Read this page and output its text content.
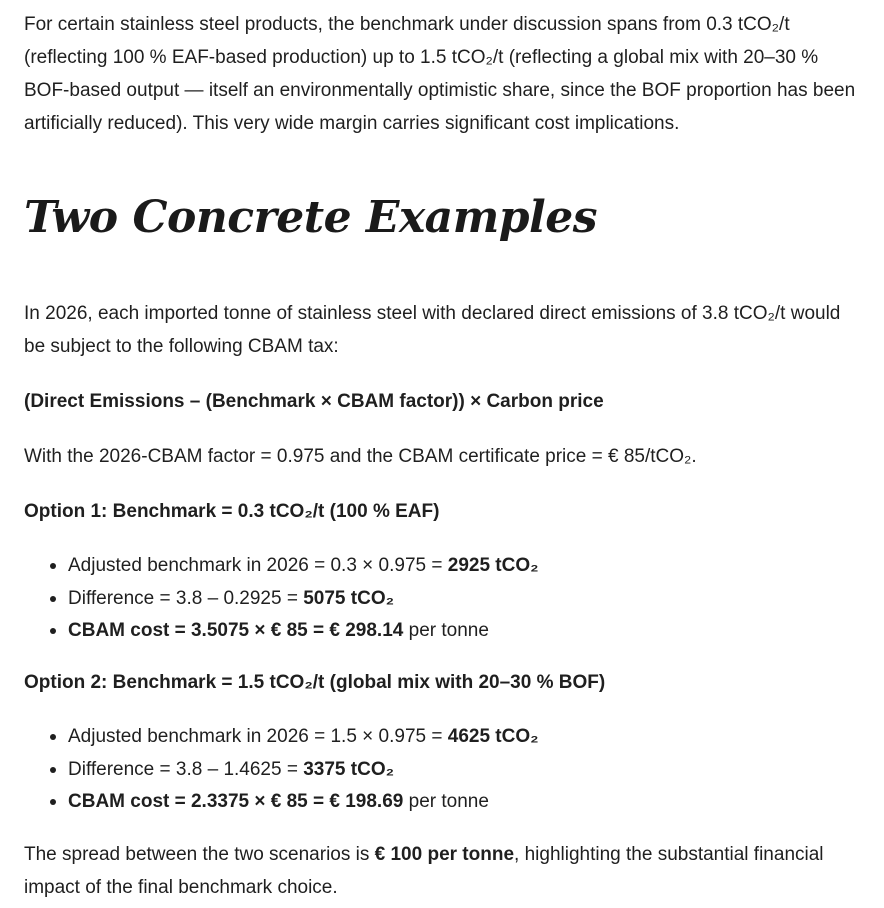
For certain stainless steel products, the benchmark under discussion spans from 0.3 tCO₂/t (reflecting 100 % EAF-based production) up to 1.5 tCO₂/t (reflecting a global mix with 20–30 % BOF-based output — itself an environmentally optimistic share, since the BOF proportion has been artificially reduced). This very wide margin carries significant cost implications.

Two Concrete Examples

In 2026, each imported tonne of stainless steel with declared direct emissions of 3.8 tCO₂/t would be subject to the following CBAM tax:

(Direct Emissions – (Benchmark × CBAM factor)) × Carbon price

With the 2026-CBAM factor = 0.975 and the CBAM certificate price = € 85/tCO₂.

Option 1: Benchmark = 0.3 tCO₂/t (100 % EAF)

Adjusted benchmark in 2026 = 0.3 × 0.975 = 2925 tCO₂
Difference = 3.8 – 0.2925 = 5075 tCO₂
CBAM cost = 3.5075 × € 85 = € 298.14 per tonne

Option 2: Benchmark = 1.5 tCO₂/t (global mix with 20–30 % BOF)

Adjusted benchmark in 2026 = 1.5 × 0.975 = 4625 tCO₂
Difference = 3.8 – 1.4625 = 3375 tCO₂
CBAM cost = 2.3375 × € 85 = € 198.69 per tonne

The spread between the two scenarios is € 100 per tonne, highlighting the substantial financial impact of the final benchmark choice.
